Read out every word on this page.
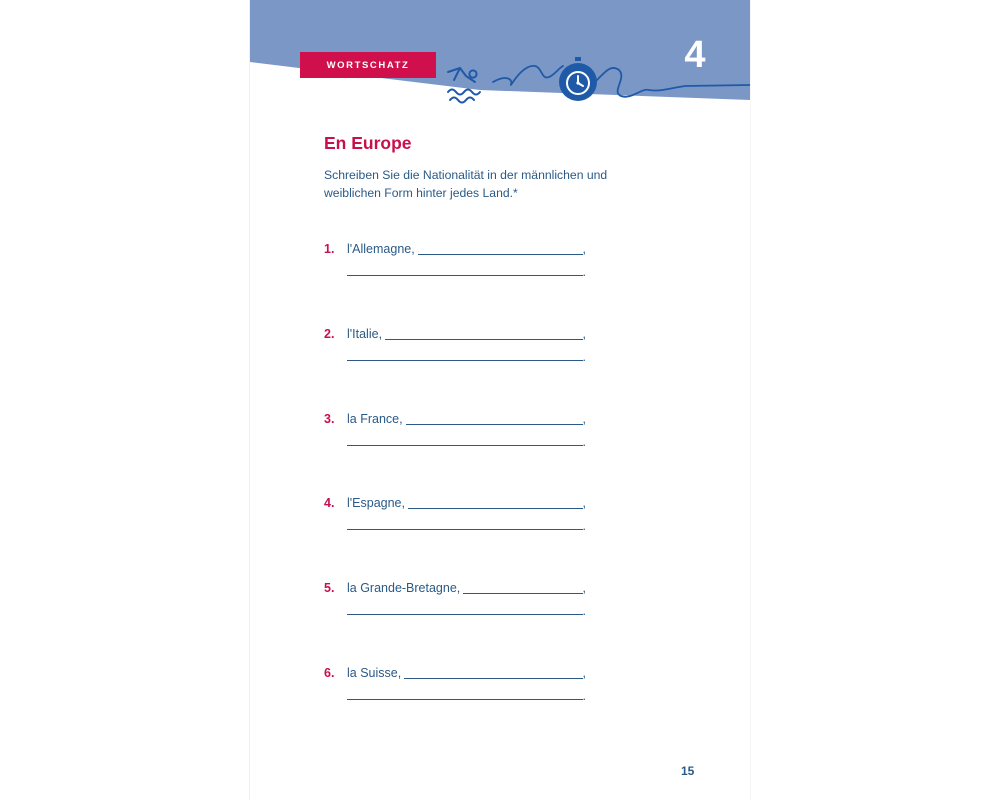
WORTSCHATZ	4
En Europe
Schreiben Sie die Nationalität in der männlichen und weiblichen Form hinter jedes Land.*
1. l'Allemagne,	,
.
2. l'Italie,	,
.
3. la France,	,
.
4. l'Espagne,	,
.
5. la Grande-Bretagne,	,
.
6. la Suisse,	,
.
15
